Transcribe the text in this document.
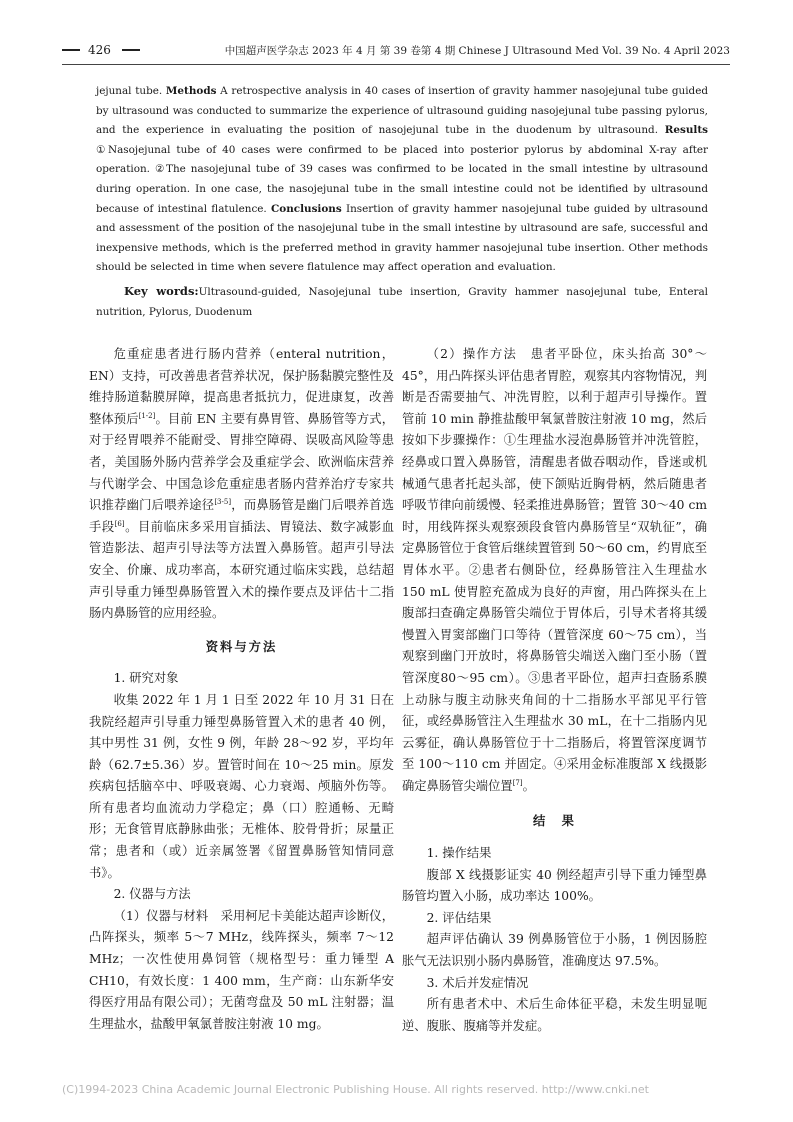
426	中国超声医学杂志 2023 年 4 月 第 39 卷第 4 期 Chinese J Ultrasound Med Vol. 39 No. 4 April 2023

jejunal tube. Methods A retrospective analysis in 40 cases of insertion of gravity hammer nasojejunal tube guided by ultrasound was conducted to summarize the experience of ultrasound guiding nasojejunal tube passing pylorus, and the experience in evaluating the position of nasojejunal tube in the duodenum by ultrasound. Results ①Nasojejunal tube of 40 cases were confirmed to be placed into posterior pylorus by abdominal X-ray after operation. ②The nasojejunal tube of 39 cases was confirmed to be located in the small intestine by ultrasound during operation. In one case, the nasojejunal tube in the small intestine could not be identified by ultrasound because of intestinal flatulence. Conclusions Insertion of gravity hammer nasojejunal tube guided by ultrasound and assessment of the position of the nasojejunal tube in the small intestine by ultrasound are safe, successful and inexpensive methods, which is the preferred method in gravity hammer nasojejunal tube insertion. Other methods should be selected in time when severe flatulence may affect operation and evaluation.

Key words:Ultrasound-guided, Nasojejunal tube insertion, Gravity hammer nasojejunal tube, Enteral nutrition, Pylorus, Duodenum

危重症患者进行肠内营养（enteral nutrition，EN）支持，可改善患者营养状况，保护肠黏膜完整性及维持肠道黏膜屏障，提高患者抵抗力，促进康复，改善整体预后[1-2]。目前 EN 主要有鼻胃管、鼻肠管等方式，对于经胃喂养不能耐受、胃排空障碍、误吸高风险等患者，美国肠外肠内营养学会及重症学会、欧洲临床营养与代谢学会、中国急诊危重症患者肠内营养治疗专家共识推荐幽门后喂养途径[3-5]，而鼻肠管是幽门后喂养首选手段[6]。目前临床多采用盲插法、胃镜法、数字减影血管造影法、超声引导法等方法置入鼻肠管。超声引导法安全、价廉、成功率高，本研究通过临床实践，总结超声引导重力锤型鼻肠管置入术的操作要点及评估十二指肠内鼻肠管的应用经验。

资料与方法

1. 研究对象

收集 2022 年 1 月 1 日至 2022 年 10 月 31 日在我院经超声引导重力锤型鼻肠管置入术的患者 40 例，其中男性 31 例，女性 9 例，年龄 28～92 岁，平均年龄（62.7±5.36）岁。置管时间在 10～25 min。原发疾病包括脑卒中、呼吸衰竭、心力衰竭、颅脑外伤等。所有患者均血流动力学稳定；鼻（口）腔通畅、无畸形；无食管胃底静脉曲张；无椎体、胶骨骨折；尿量正常；患者和（或）近亲属签署《留置鼻肠管知情同意书》。

2. 仪器与方法

（1）仪器与材料　采用柯尼卡美能达超声诊断仪，凸阵探头，频率 5～7 MHz，线阵探头，频率 7～12 MHz；一次性使用鼻饲管（规格型号：重力锤型 A CH10，有效长度：1 400 mm，生产商：山东新华安得医疗用品有限公司）；无菌弯盘及 50 mL 注射器；温生理盐水，盐酸甲氧氯普胺注射液 10 mg。

（2）操作方法　患者平卧位，床头抬高 30°～45°，用凸阵探头评估患者胃腔，观察其内容物情况，判断是否需要抽气、冲洗胃腔，以利于超声引导操作。置管前 10 min 静推盐酸甲氧氯普胺注射液 10 mg，然后按如下步骤操作：①生理盐水浸泡鼻肠管并冲洗管腔，经鼻或口置入鼻肠管，清醒患者做吞咽动作，昏迷或机械通气患者托起头部，使下颌贴近胸骨柄，然后随患者呼吸节律向前缓慢、轻柔推进鼻肠管；置管 30～40 cm 时，用线阵探头观察颈段食管内鼻肠管呈“双轨征”，确定鼻肠管位于食管后继续置管到 50～60 cm，约胃底至胃体水平。②患者右侧卧位，经鼻肠管注入生理盐水 150 mL 使胃腔充盈成为良好的声窗，用凸阵探头在上腹部扫查确定鼻肠管尖端位于胃体后，引导术者将其缓慢置入胃窦部幽门口等待（置管深度 60～75 cm），当观察到幽门开放时，将鼻肠管尖端送入幽门至小肠（置管深度80～95 cm）。③患者平卧位，超声扫查肠系膜上动脉与腹主动脉夹角间的十二指肠水平部见平行管征，或经鼻肠管注入生理盐水 30 mL，在十二指肠内见云雾征，确认鼻肠管位于十二指肠后，将置管深度调节至 100～110 cm 并固定。④采用金标准腹部 X 线摄影确定鼻肠管尖端位置[7]。

结　果

1. 操作结果

腹部 X 线摄影证实 40 例经超声引导下重力锤型鼻肠管均置入小肠，成功率达 100%。

2. 评估结果

超声评估确认 39 例鼻肠管位于小肠，1 例因肠腔胀气无法识别小肠内鼻肠管，准确度达 97.5%。

3. 术后并发症情况

所有患者术中、术后生命体征平稳，未发生明显呃逆、腹胀、腹痛等并发症。

(C)1994-2023 China Academic Journal Electronic Publishing House. All rights reserved. http://www.cnki.net
